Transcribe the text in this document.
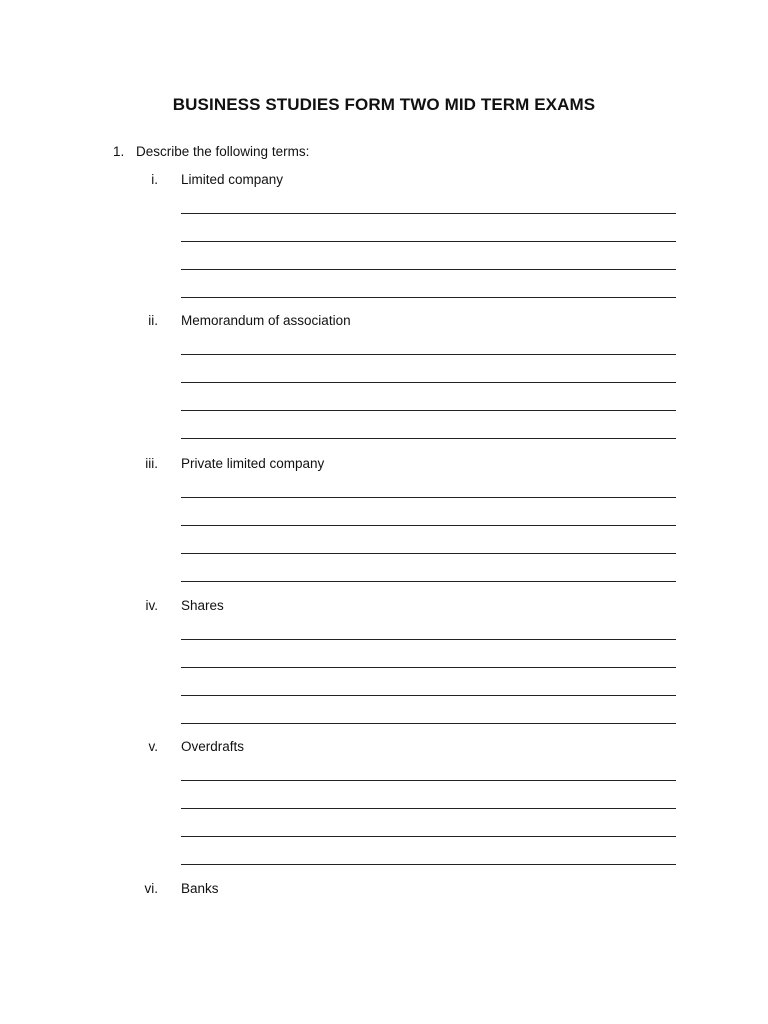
BUSINESS STUDIES FORM TWO MID TERM EXAMS
1. Describe the following terms:
i. Limited company
ii. Memorandum of association
iii. Private limited company
iv. Shares
v. Overdrafts
vi. Banks
